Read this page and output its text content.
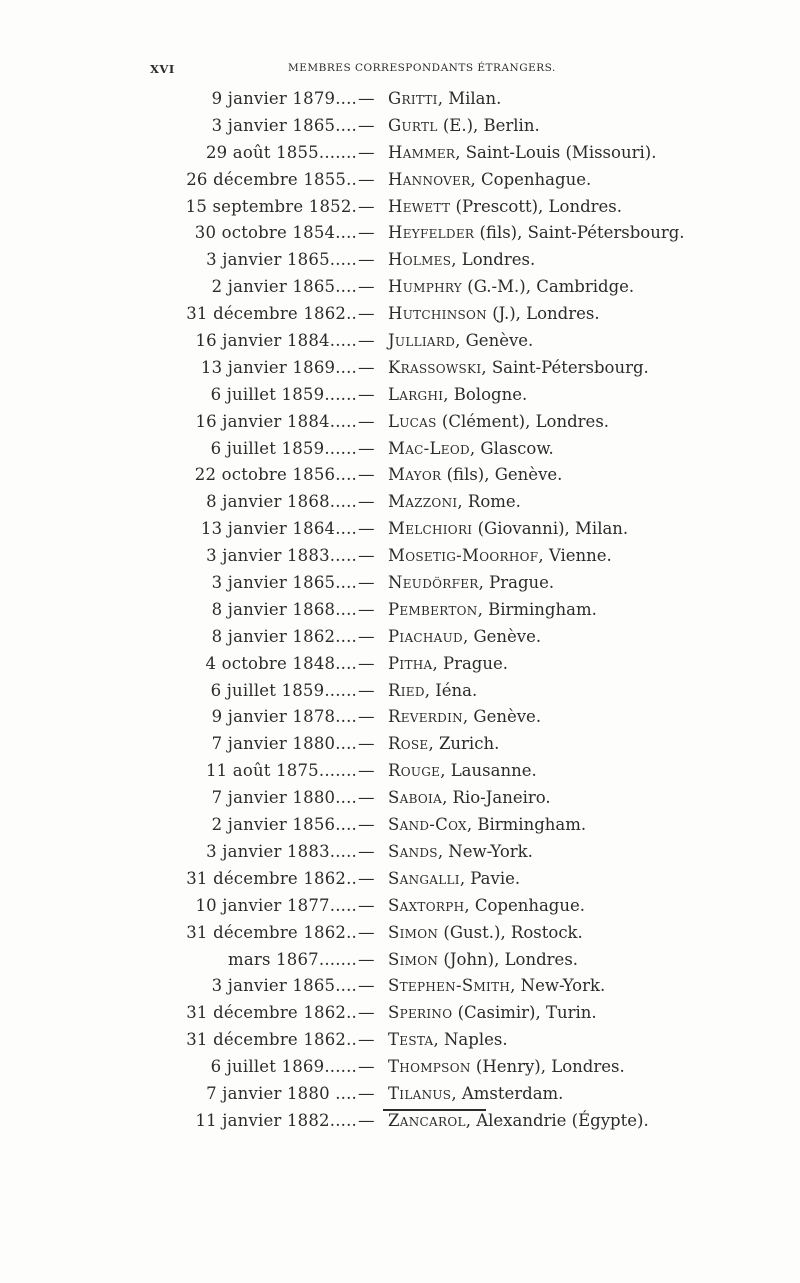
XVI	MEMBRES CORRESPONDANTS ÉTRANGERS.
9 janvier 1879.... — Gritti, Milan.
3 janvier 1865.... — Gurtl (E.), Berlin.
29 août 1855....... — Hammer, Saint-Louis (Missouri).
26 décembre 1855.. — Hannover, Copenhague.
15 septembre 1852. — Hewett (Prescott), Londres.
30 octobre 1854.... — Heyfelder (fils), Saint-Pétersbourg.
3 janvier 1865..... — Holmes, Londres.
2 janvier 1865.... — Humphry (G.-M.), Cambridge.
31 décembre 1862.. — Hutchinson (J.), Londres.
16 janvier 1884..... — Julliard, Genève.
13 janvier 1869.... — Krassowski, Saint-Pétersbourg.
6 juillet 1859...... — Larghi, Bologne.
16 janvier 1884..... — Lucas (Clément), Londres.
6 juillet 1859...... — Mac-Leod, Glascow.
22 octobre 1856.... — Mayor (fils), Genève.
8 janvier 1868..... — Mazzoni, Rome.
13 janvier 1864.... — Melchiori (Giovanni), Milan.
3 janvier 1883..... — Mosetig-Moorhof, Vienne.
3 janvier 1865.... — Neudörfer, Prague.
8 janvier 1868.... — Pemberton, Birmingham.
8 janvier 1862.... — Piachaud, Genève.
4 octobre 1848.... — Pitha, Prague.
6 juillet 1859...... — Ried, Iéna.
9 janvier 1878.... — Reverdin, Genève.
7 janvier 1880.... — Rose, Zurich.
11 août 1875....... — Rouge, Lausanne.
7 janvier 1880.... — Saboia, Rio-Janeiro.
2 janvier 1856.... — Sand-Cox, Birmingham.
3 janvier 1883..... — Sands, New-York.
31 décembre 1862.. — Sangalli, Pavie.
10 janvier 1877..... — Saxtorph, Copenhague.
31 décembre 1862.. — Simon (Gust.), Rostock.
mars 1867....... — Simon (John), Londres.
3 janvier 1865.... — Stephen-Smith, New-York.
31 décembre 1862.. — Sperino (Casimir), Turin.
31 décembre 1862.. — Testa, Naples.
6 juillet 1869...... — Thompson (Henry), Londres.
7 janvier 1880 .... — Tilanus, Amsterdam.
11 janvier 1882..... — Zancarol, Alexandrie (Égypte).
